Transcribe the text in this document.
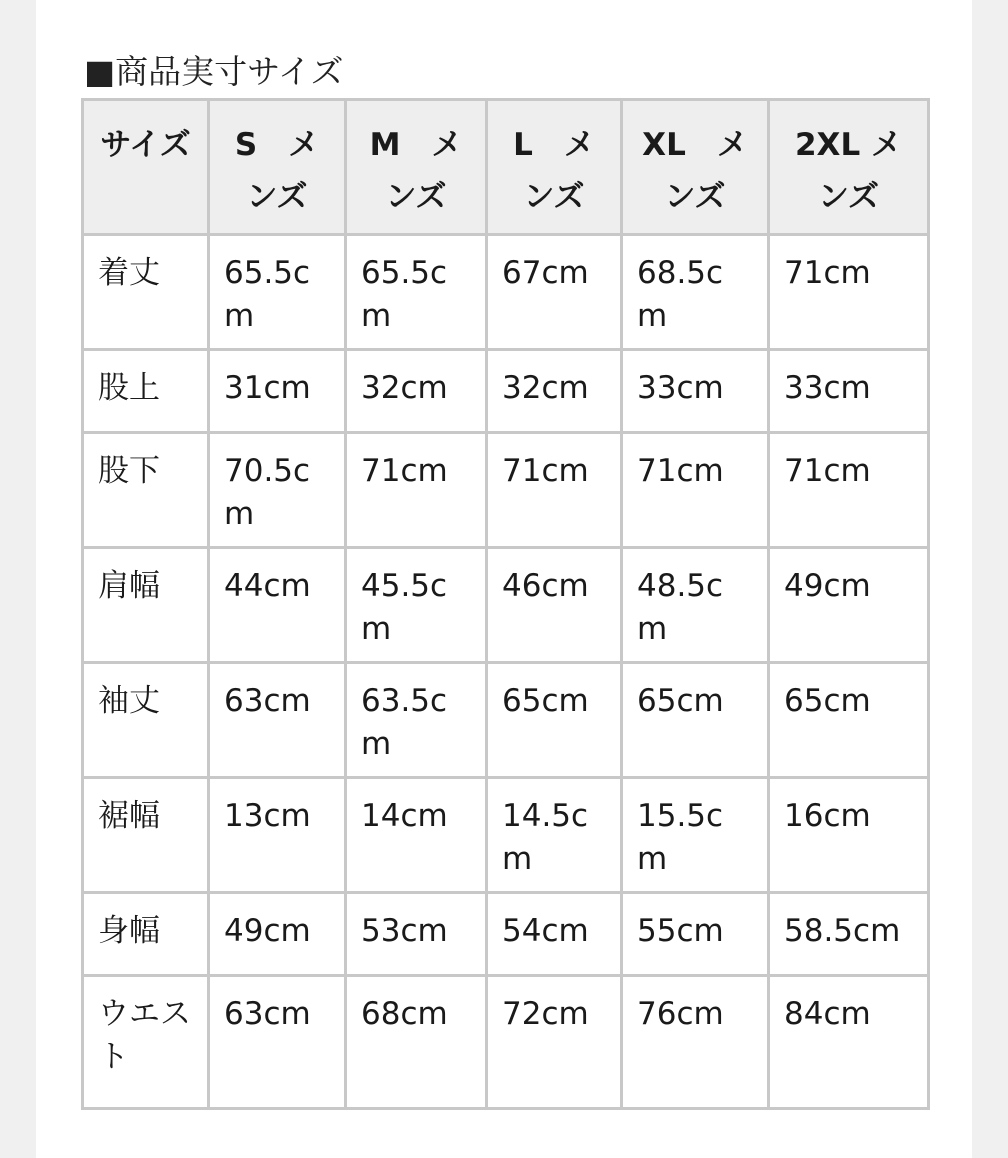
■商品実寸サイズ
サイズ	S　メンズ	M　メンズ	L　メンズ	XL　メンズ	2XL メンズ
着丈	65.5cm	65.5cm	67cm	68.5cm	71cm
股上	31cm	32cm	32cm	33cm	33cm
股下	70.5cm	71cm	71cm	71cm	71cm
肩幅	44cm	45.5cm	46cm	48.5cm	49cm
袖丈	63cm	63.5cm	65cm	65cm	65cm
裾幅	13cm	14cm	14.5cm	15.5cm	16cm
身幅	49cm	53cm	54cm	55cm	58.5cm
ウエスト	63cm	68cm	72cm	76cm	84cm
